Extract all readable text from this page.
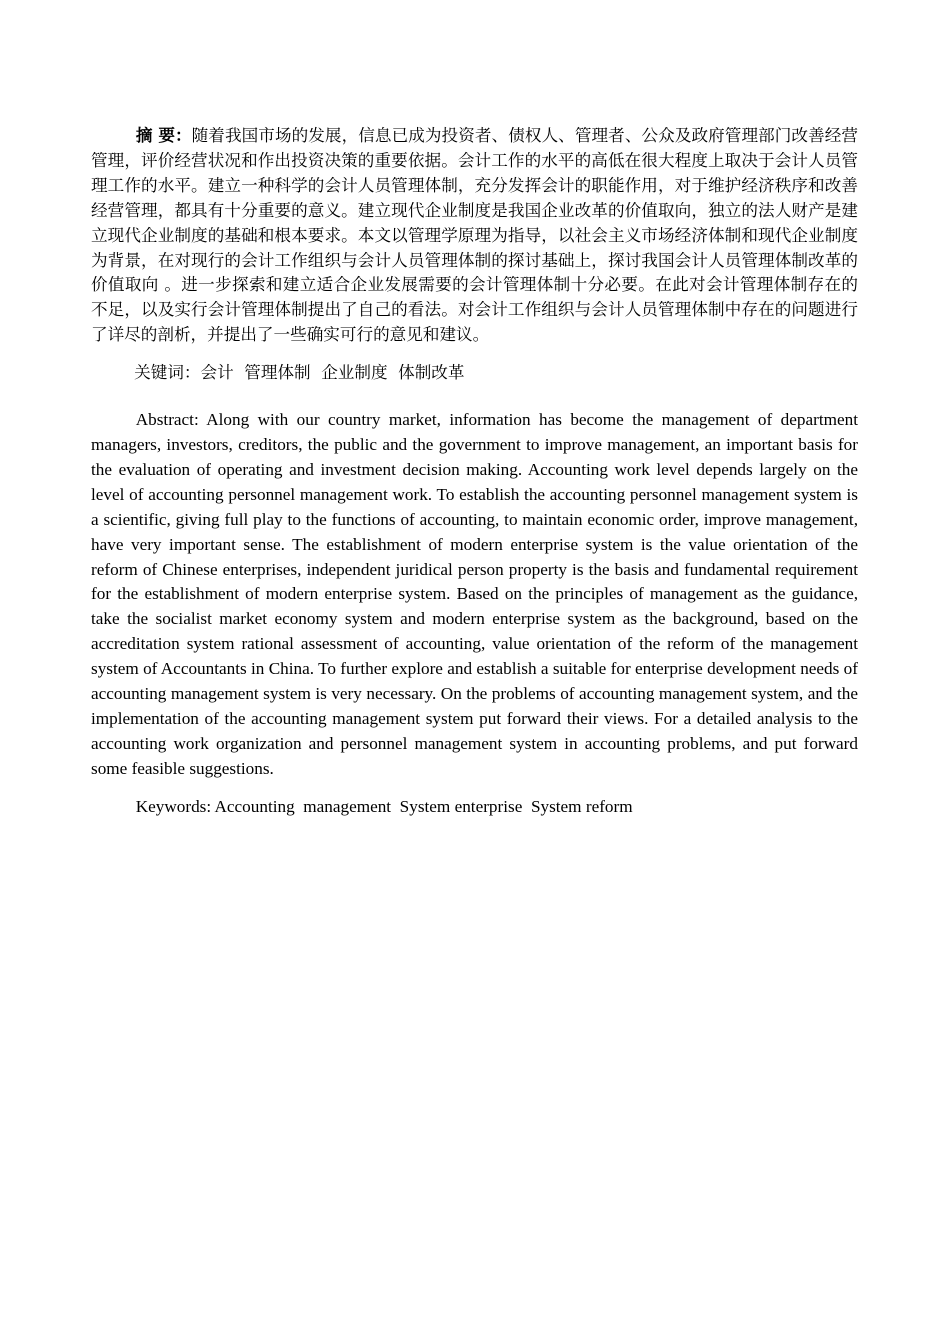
摘 要：随着我国市场的发展，信息已成为投资者、债权人、管理者、公众及政府管理部门改善经营管理，评价经营状况和作出投资决策的重要依据。会计工作的水平的高低在很大程度上取决于会计人员管理工作的水平。建立一种科学的会计人员管理体制，充分发挥会计的职能作用，对于维护经济秩序和改善经营管理，都具有十分重要的意义。建立现代企业制度是我国企业改革的价值取向，独立的法人财产是建立现代企业制度的基础和根本要求。本文以管理学原理为指导，以社会主义市场经济体制和现代企业制度为背景，在对现行的会计工作组织与会计人员管理体制的探讨基础上，探讨我国会计人员管理体制改革的价值取向 。进一步探索和建立适合企业发展需要的会计管理体制十分必要。在此对会计管理体制存在的不足，以及实行会计管理体制提出了自己的看法。对会计工作组织与会计人员管理体制中存在的问题进行了详尽的剖析，并提出了一些确实可行的意见和建议。

关键词：会计  管理体制  企业制度  体制改革

Abstract: Along with our country market, information has become the management of department managers, investors, creditors, the public and the government to improve management, an important basis for the evaluation of operating and investment decision making. Accounting work level depends largely on the level of accounting personnel management work. To establish the accounting personnel management system is a scientific, giving full play to the functions of accounting, to maintain economic order, improve management, have very important sense. The establishment of modern enterprise system is the value orientation of the reform of Chinese enterprises, independent juridical person property is the basis and fundamental requirement for the establishment of modern enterprise system. Based on the principles of management as the guidance, take the socialist market economy system and modern enterprise system as the background, based on the accreditation system rational assessment of accounting, value orientation of the reform of the management system of Accountants in China. To further explore and establish a suitable for enterprise development needs of accounting management system is very necessary. On the problems of accounting management system, and the implementation of the accounting management system put forward their views. For a detailed analysis to the accounting work organization and personnel management system in accounting problems, and put forward some feasible suggestions.

Keywords: Accounting  management  System enterprise  System reform
